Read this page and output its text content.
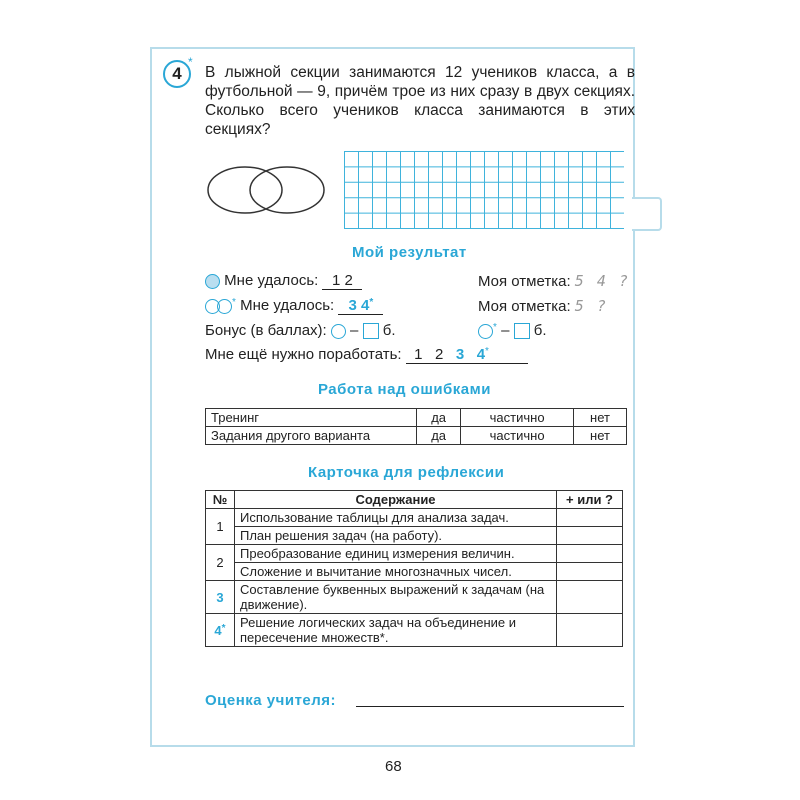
4
*
В лыжной секции занимаются 12 учеников класса, а в футбольной — 9, причём трое из них сразу в двух секциях. Сколько всего учеников класса занимаются в этих секциях?
Мой результат
Мне удалось: 1 2	Моя отметка: 5 4 ?
* Мне удалось: 3 4*	Моя отметка: 5 ?
Бонус (в баллах): – б.	* – б.
Мне ещё нужно поработать: 1 2 3 4*
Работа над ошибками
Тренинг	да	частично	нет
Задания другого варианта	да	частично	нет
Карточка для рефлексии
№	Содержание	+ или ?
1	Использование таблицы для анализа задач.	
	План решения задач (на работу).	
2	Преобразование единиц измерения величин.	
	Сложение и вычитание многозначных чисел.	
3	Составление буквенных выражений к задачам (на движение).	
4*	Решение логических задач на объединение и пересечение множеств*.	
Оценка учителя:
68
